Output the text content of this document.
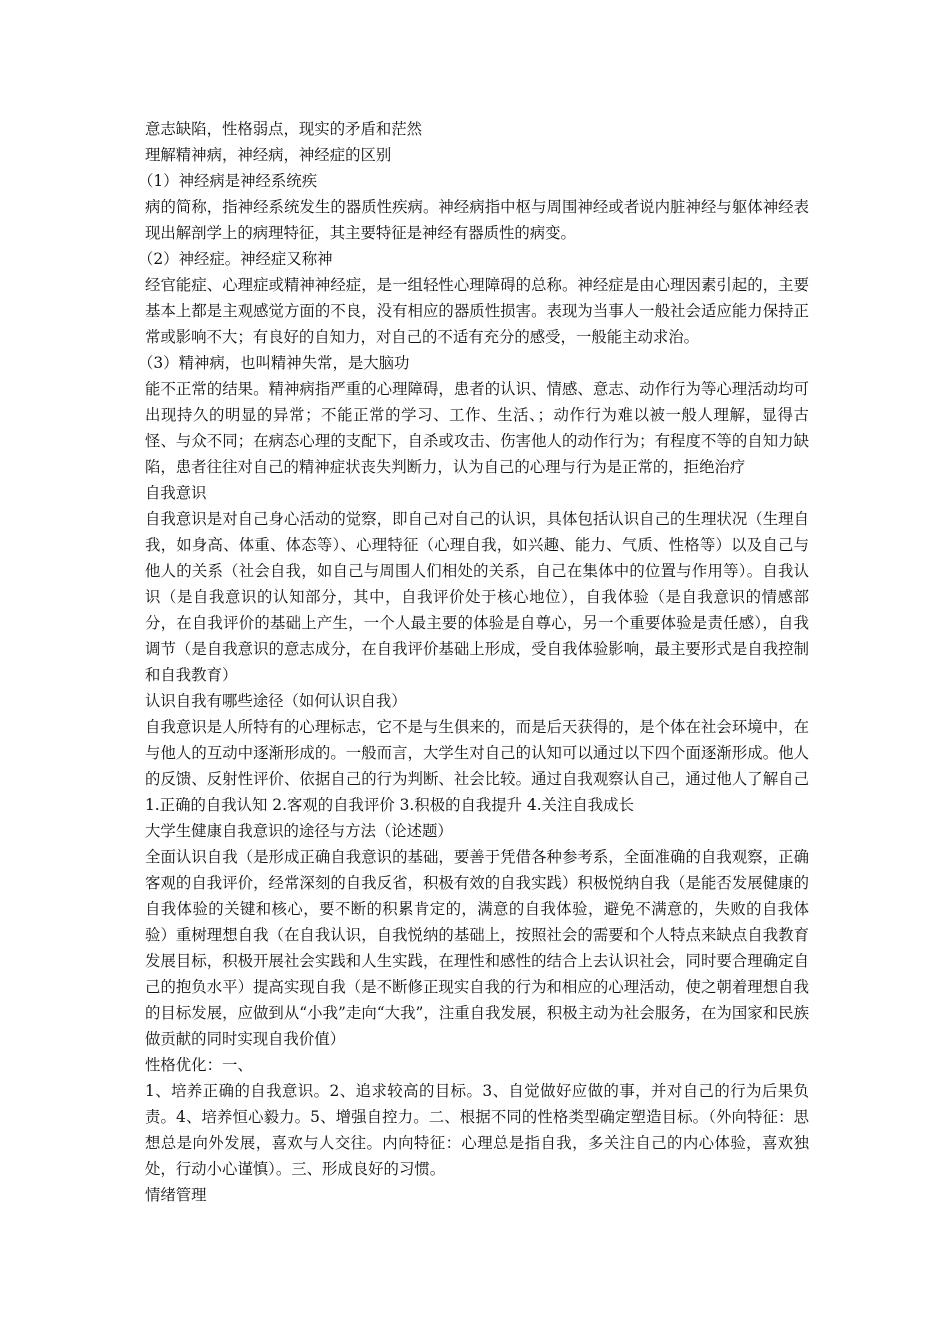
意志缺陷，性格弱点，现实的矛盾和茫然

理解精神病，神经病，神经症的区别

（1）神经病是神经系统疾

病的简称，指神经系统发生的器质性疾病。神经病指中枢与周围神经或者说内脏神经与躯体神经表现出解剖学上的病理特征，其主要特征是神经有器质性的病变。

（2）神经症。神经症又称神

经官能症、心理症或精神神经症，是一组轻性心理障碍的总称。神经症是由心理因素引起的，主要基本上都是主观感觉方面的不良，没有相应的器质性损害。表现为当事人一般社会适应能力保持正常或影响不大；有良好的自知力，对自己的不适有充分的感受，一般能主动求治。

（3）精神病，也叫精神失常，是大脑功

能不正常的结果。精神病指严重的心理障碍，患者的认识、情感、意志、动作行为等心理活动均可出现持久的明显的异常；不能正常的学习、工作、生活、；动作行为难以被一般人理解，显得古怪、与众不同；在病态心理的支配下，自杀或攻击、伤害他人的动作行为；有程度不等的自知力缺陷，患者往往对自己的精神症状丧失判断力，认为自己的心理与行为是正常的，拒绝治疗

自我意识

自我意识是对自己身心活动的觉察，即自己对自己的认识，具体包括认识自己的生理状况（生理自我，如身高、体重、体态等）、心理特征（心理自我，如兴趣、能力、气质、性格等）以及自己与他人的关系（社会自我，如自己与周围人们相处的关系，自己在集体中的位置与作用等）。自我认识（是自我意识的认知部分，其中，自我评价处于核心地位），自我体验（是自我意识的情感部分，在自我评价的基础上产生，一个人最主要的体验是自尊心，另一个重要体验是责任感），自我调节（是自我意识的意志成分，在自我评价基础上形成，受自我体验影响，最主要形式是自我控制和自我教育）

认识自我有哪些途径（如何认识自我）

自我意识是人所特有的心理标志，它不是与生俱来的，而是后天获得的，是个体在社会环境中，在与他人的互动中逐渐形成的。一般而言，大学生对自己的认知可以通过以下四个面逐渐形成。他人的反馈、反射性评价、依据自己的行为判断、社会比较。通过自我观察认自己，通过他人了解自己 1.正确的自我认知 2.客观的自我评价 3.积极的自我提升 4.关注自我成长

大学生健康自我意识的途径与方法（论述题）

全面认识自我（是形成正确自我意识的基础，要善于凭借各种参考系，全面准确的自我观察，正确客观的自我评价，经常深刻的自我反省，积极有效的自我实践）积极悦纳自我（是能否发展健康的自我体验的关键和核心，要不断的积累肯定的，满意的自我体验，避免不满意的，失败的自我体验）重树理想自我（在自我认识，自我悦纳的基础上，按照社会的需要和个人特点来缺点自我教育发展目标，积极开展社会实践和人生实践，在理性和感性的结合上去认识社会，同时要合理确定自己的抱负水平）提高实现自我（是不断修正现实自我的行为和相应的心理活动，使之朝着理想自我的目标发展，应做到从“小我”走向“大我”，注重自我发展，积极主动为社会服务，在为国家和民族做贡献的同时实现自我价值）

性格优化：一、

1、培养正确的自我意识。2、追求较高的目标。3、自觉做好应做的事，并对自己的行为后果负责。4、培养恒心毅力。5、增强自控力。二、根据不同的性格类型确定塑造目标。（外向特征：思想总是向外发展，喜欢与人交往。内向特征：心理总是指自我，多关注自己的内心体验，喜欢独处，行动小心谨慎）。三、形成良好的习惯。

情绪管理
